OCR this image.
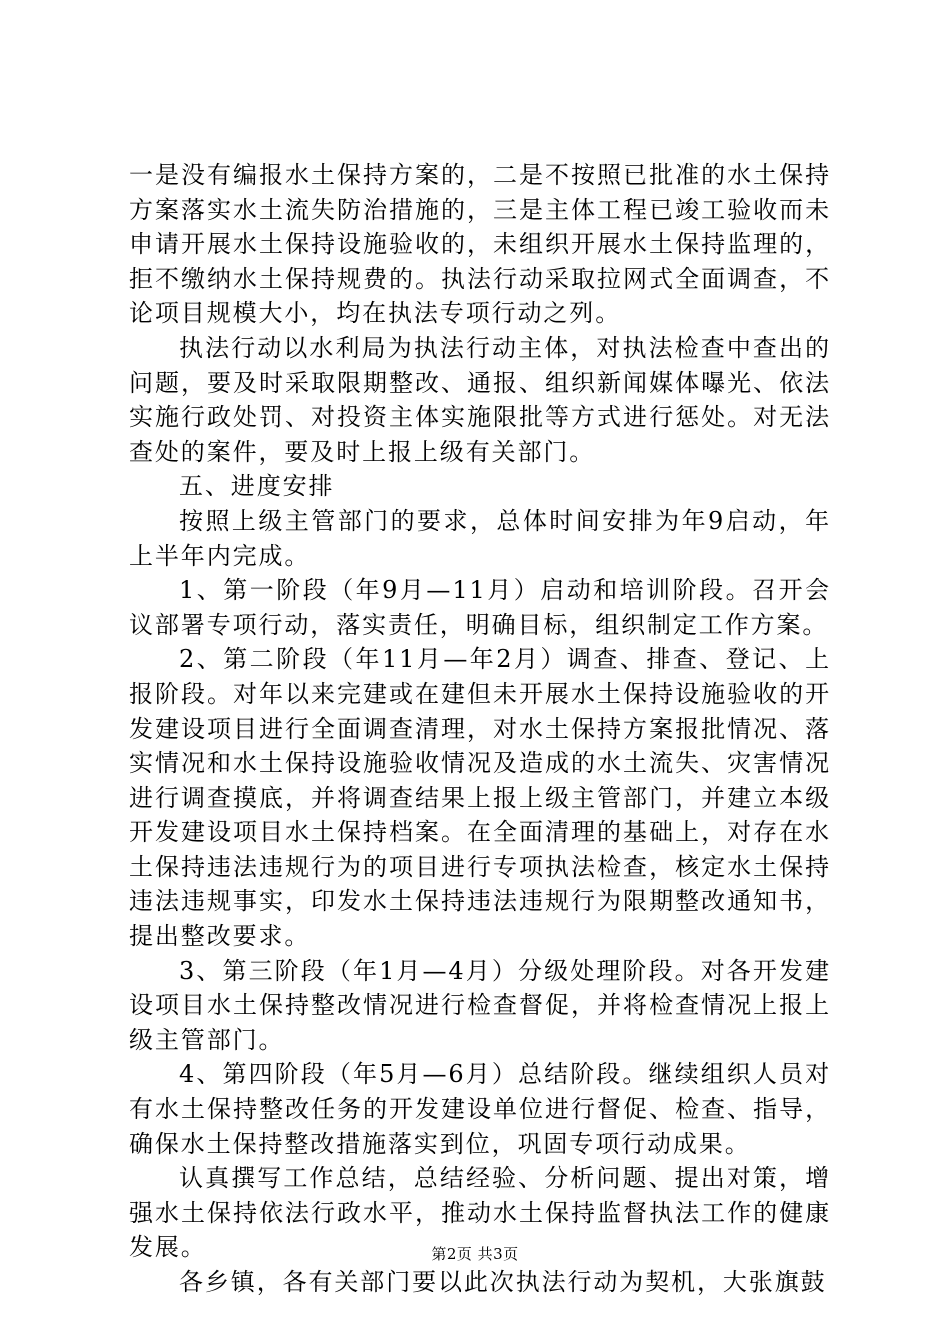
一是没有编报水土保持方案的，二是不按照已批准的水土保持方案落实水土流失防治措施的，三是主体工程已竣工验收而未申请开展水土保持设施验收的，未组织开展水土保持监理的，拒不缴纳水土保持规费的。执法行动采取拉网式全面调查，不论项目规模大小，均在执法专项行动之列。

执法行动以水利局为执法行动主体，对执法检查中查出的问题，要及时采取限期整改、通报、组织新闻媒体曝光、依法实施行政处罚、对投资主体实施限批等方式进行惩处。对无法查处的案件，要及时上报上级有关部门。

五、进度安排

按照上级主管部门的要求，总体时间安排为年9启动，年上半年内完成。

1、第一阶段（年9月—11月）启动和培训阶段。召开会议部署专项行动，落实责任，明确目标，组织制定工作方案。

2、第二阶段（年11月—年2月）调查、排查、登记、上报阶段。对年以来完建或在建但未开展水土保持设施验收的开发建设项目进行全面调查清理，对水土保持方案报批情况、落实情况和水土保持设施验收情况及造成的水土流失、灾害情况进行调查摸底，并将调查结果上报上级主管部门，并建立本级开发建设项目水土保持档案。在全面清理的基础上，对存在水土保持违法违规行为的项目进行专项执法检查，核定水土保持违法违规事实，印发水土保持违法违规行为限期整改通知书，提出整改要求。

3、第三阶段（年1月—4月）分级处理阶段。对各开发建设项目水土保持整改情况进行检查督促，并将检查情况上报上级主管部门。

4、第四阶段（年5月—6月）总结阶段。继续组织人员对有水土保持整改任务的开发建设单位进行督促、检查、指导，确保水土保持整改措施落实到位，巩固专项行动成果。

认真撰写工作总结，总结经验、分析问题、提出对策，增强水土保持依法行政水平，推动水土保持监督执法工作的健康发展。

各乡镇，各有关部门要以此次执法行动为契机，大张旗鼓

第2页 共3页
